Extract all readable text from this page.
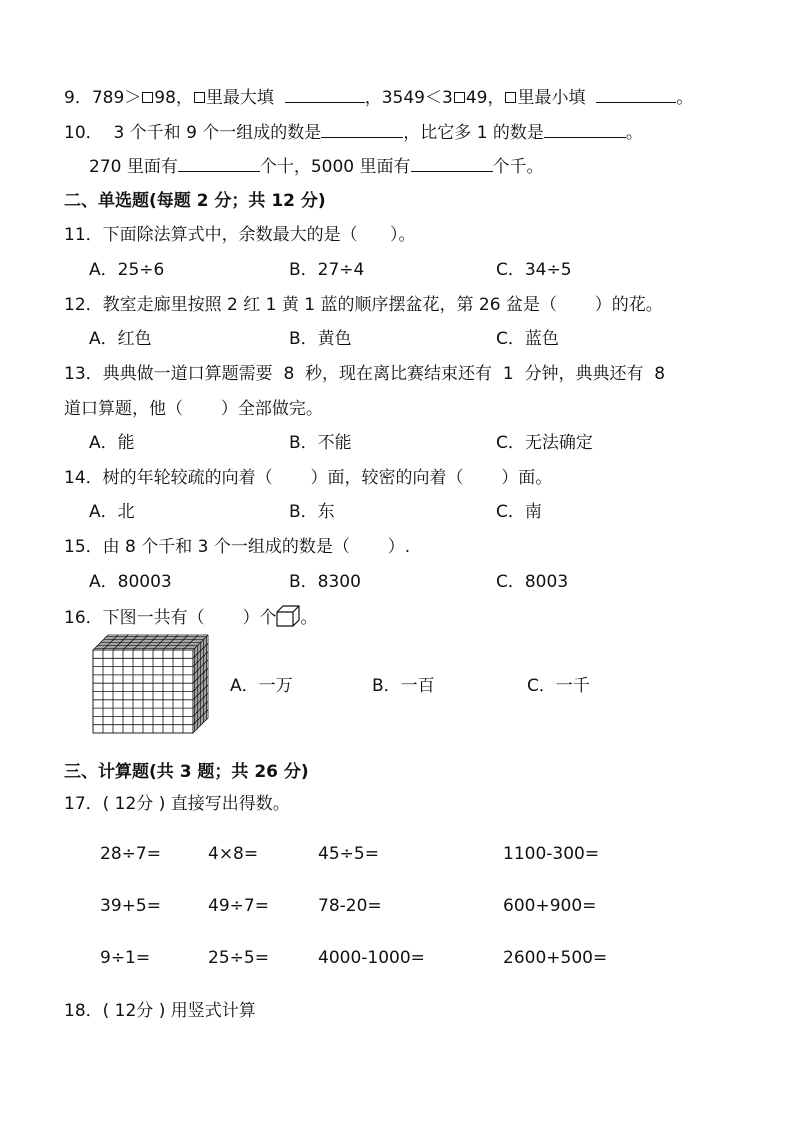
9．789＞ 98， 里最大填	，3549＜3 49， 里最小填	。
10．  3 个千和 9 个一组成的数是	，比它多 1 的数是	。
270 里面有	个十，5000 里面有	个千。
二、单选题(每题 2 分；共 12 分)
11．下面除法算式中，余数最大的是（      ）。
A．25÷6	B．27÷4	C．34÷5
12．教室走廊里按照 2 红 1 黄 1 蓝的顺序摆盆花，第 26 盆是（       ）的花。
A．红色	B．黄色	C．蓝色
13．典典做一道口算题需要  8  秒，现在离比赛结束还有  1  分钟，典典还有  8
道口算题，他（       ）全部做完。
A．能	B．不能	C．无法确定
14．树的年轮较疏的向着（       ）面，较密的向着（       ）面。
A．北	B．东	C．南
15．由 8 个千和 3 个一组成的数是（       ）.
A．80003	B．8300	C．8003
16．下图一共有（       ）个 。
A．一万	B．一百	C．一千
三、计算题(共 3 题；共 26 分)
17．( 12分 ) 直接写出得数。
28÷7=	4×8=	45÷5=	1100-300=
39+5=	49÷7=	78-20=	600+900=
9÷1=	25÷5=	4000-1000=	2600+500=
18．( 12分 ) 用竖式计算
